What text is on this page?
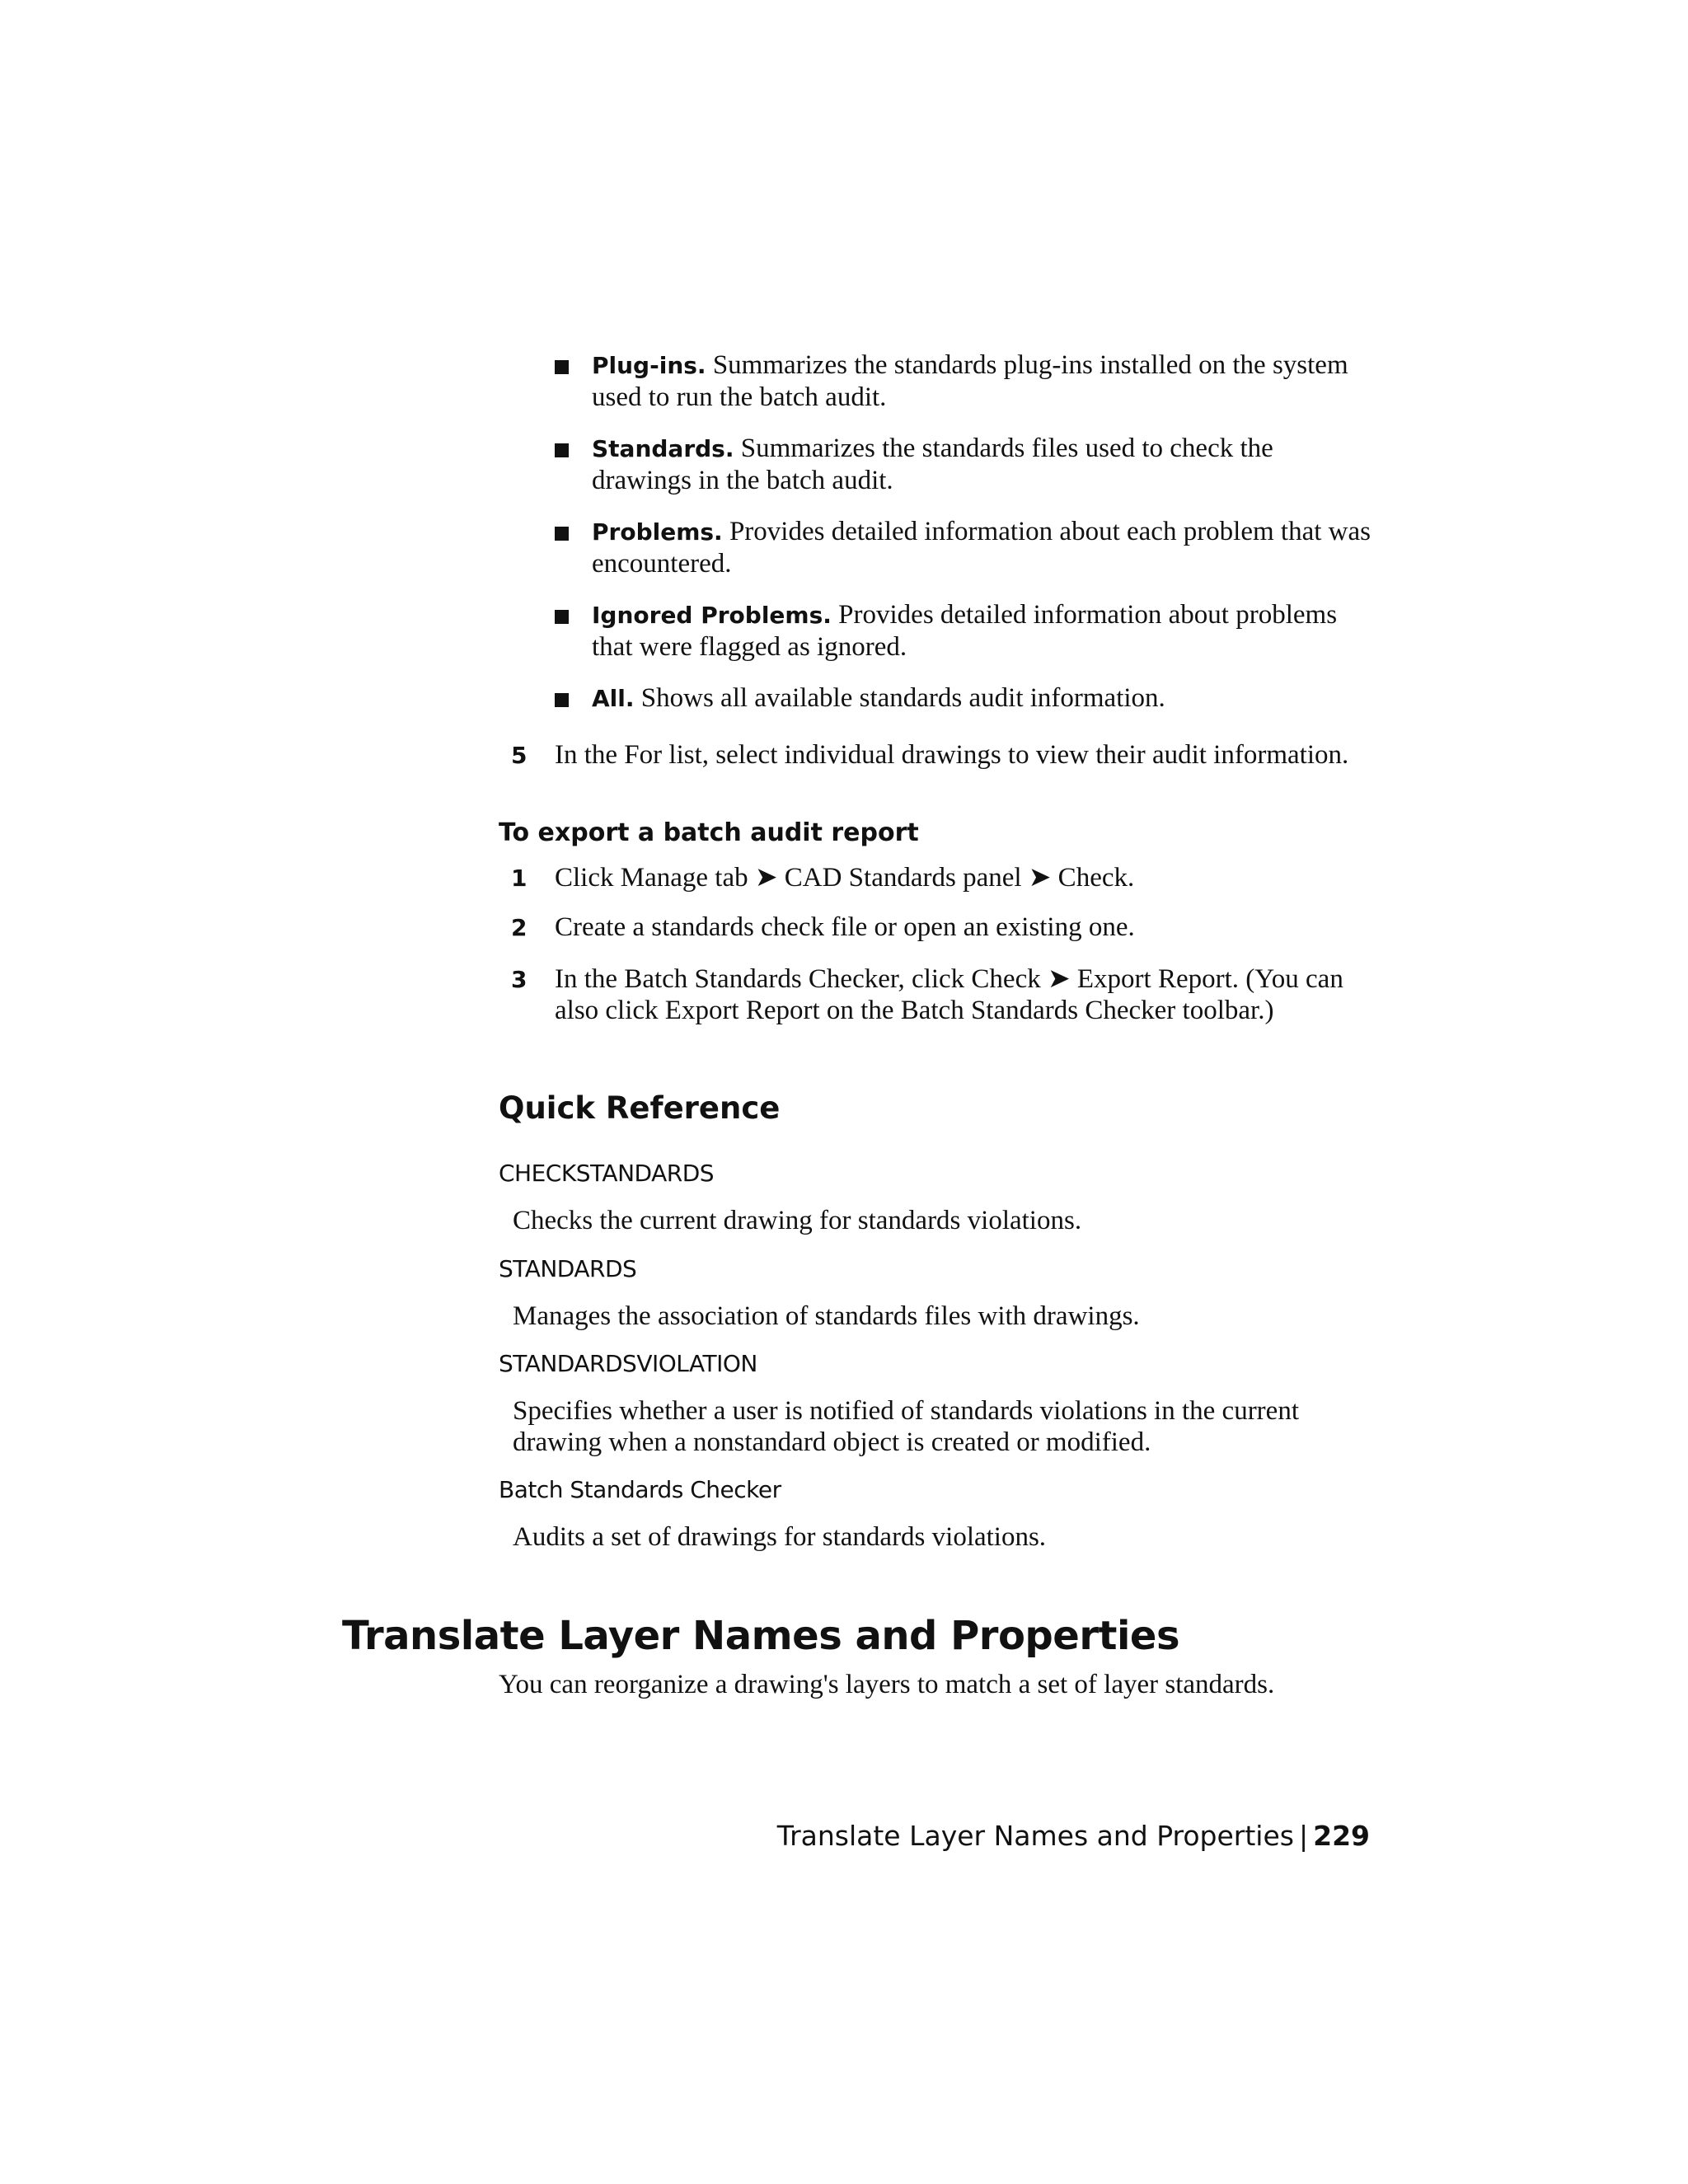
Plug-ins. Summarizes the standards plug-ins installed on the system used to run the batch audit.
Standards. Summarizes the standards files used to check the drawings in the batch audit.
Problems. Provides detailed information about each problem that was encountered.
Ignored Problems. Provides detailed information about problems that were flagged as ignored.
All. Shows all available standards audit information.
5	In the For list, select individual drawings to view their audit information.
To export a batch audit report
1	Click Manage tab ➤ CAD Standards panel ➤ Check.
2	Create a standards check file or open an existing one.
3	In the Batch Standards Checker, click Check ➤ Export Report. (You can also click Export Report on the Batch Standards Checker toolbar.)
Quick Reference
CHECKSTANDARDS
Checks the current drawing for standards violations.
STANDARDS
Manages the association of standards files with drawings.
STANDARDSVIOLATION
Specifies whether a user is notified of standards violations in the current drawing when a nonstandard object is created or modified.
Batch Standards Checker
Audits a set of drawings for standards violations.
Translate Layer Names and Properties
You can reorganize a drawing's layers to match a set of layer standards.
Translate Layer Names and Properties | 229
